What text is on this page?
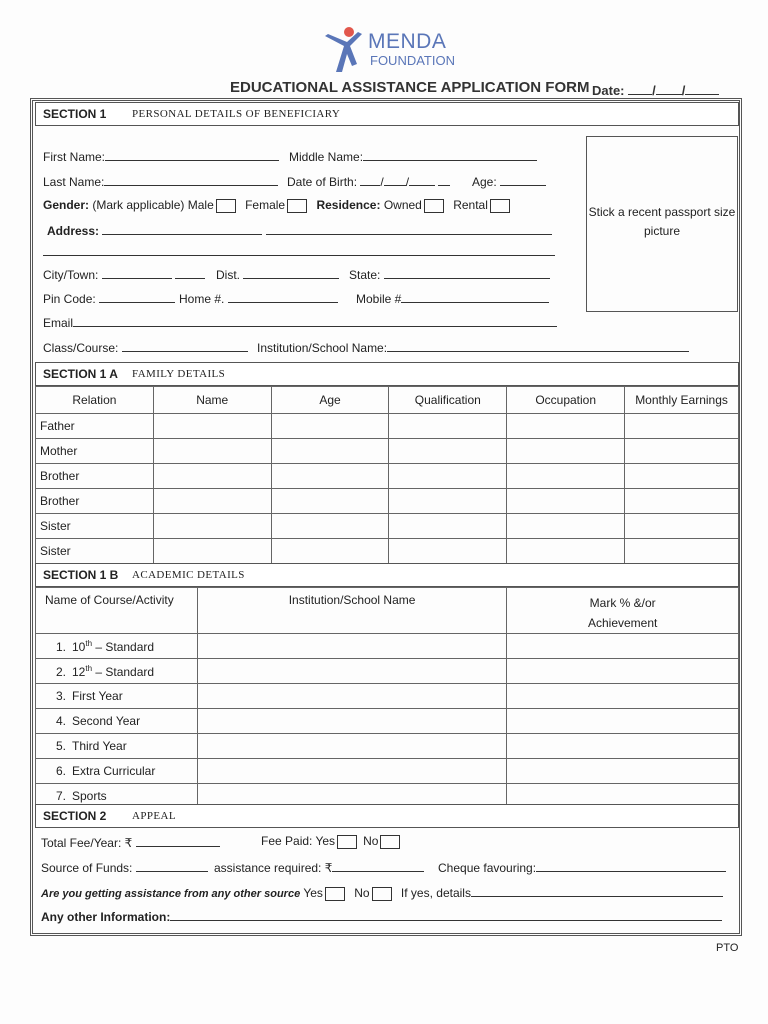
MENDA
FOUNDATION
EDUCATIONAL ASSISTANCE APPLICATION FORM Date: / /
SECTION 1 PERSONAL DETAILS OF BENEFICIARY
First Name:	Middle Name:
Last Name:	Date of Birth: / /	Age:
Gender: (Mark applicable) Male	Female	Residence: Owned	Rental
Address:
City/Town:	Dist.	State:
Pin Code:	Home #.	Mobile #
Email
Class/Course:	Institution/School Name:
Stick a recent passport size picture
SECTION 1 A FAMILY DETAILS
Relation	Name	Age	Qualification	Occupation	Monthly Earnings
Father					
Mother					
Brother					
Brother					
Sister					
Sister					
SECTION 1 B ACADEMIC DETAILS
Name of Course/Activity	Institution/School Name	Mark % &/or
Achievement
1. 10th – Standard		
2. 12th – Standard		
3. First Year		
4. Second Year		
5. Third Year		
6. Extra Curricular		
7. Sports		
SECTION 2 APPEAL
Total Fee/Year: ₹	Fee Paid: Yes No
Source of Funds:	assistance required: ₹	Cheque favouring:
Are you getting assistance from any other source Yes	No	If yes, details
Any other Information:
PTO
